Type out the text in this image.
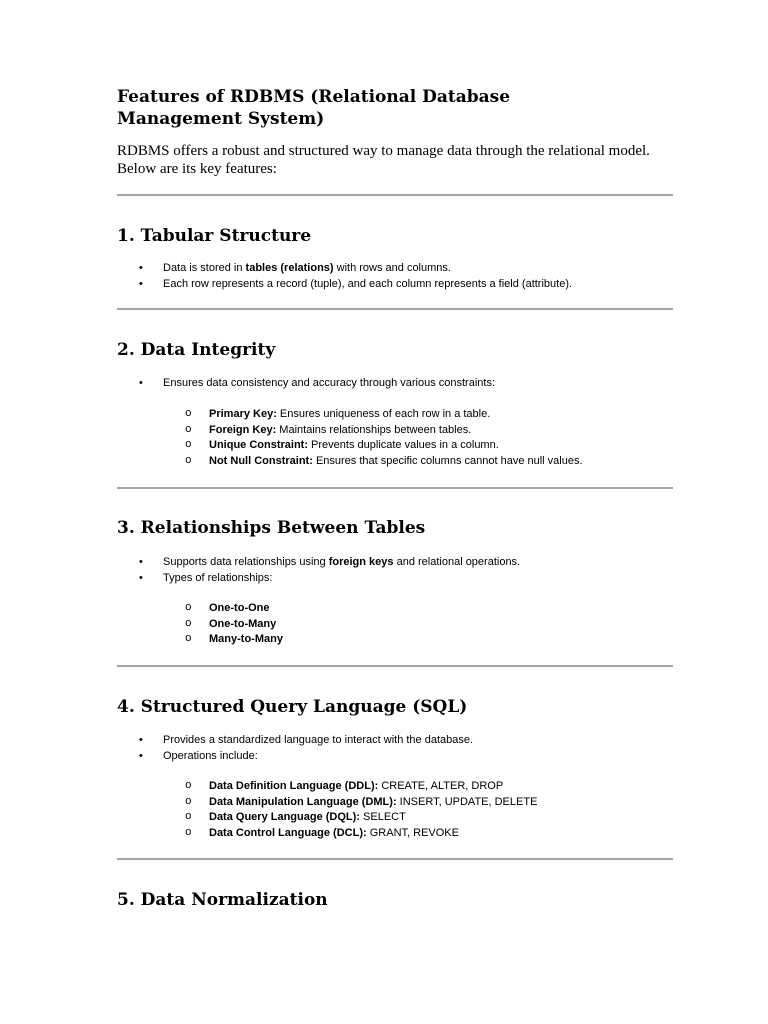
Features of RDBMS (Relational Database Management System)

RDBMS offers a robust and structured way to manage data through the relational model. Below are its key features:

1. Tabular Structure
• Data is stored in tables (relations) with rows and columns.
• Each row represents a record (tuple), and each column represents a field (attribute).
2. Data Integrity
• Ensures data consistency and accuracy through various constraints:
o Primary Key: Ensures uniqueness of each row in a table.
o Foreign Key: Maintains relationships between tables.
o Unique Constraint: Prevents duplicate values in a column.
o Not Null Constraint: Ensures that specific columns cannot have null values.
3. Relationships Between Tables
• Supports data relationships using foreign keys and relational operations.
• Types of relationships:
o One-to-One
o One-to-Many
o Many-to-Many
4. Structured Query Language (SQL)
• Provides a standardized language to interact with the database.
• Operations include:
o Data Definition Language (DDL): CREATE, ALTER, DROP
o Data Manipulation Language (DML): INSERT, UPDATE, DELETE
o Data Query Language (DQL): SELECT
o Data Control Language (DCL): GRANT, REVOKE
5. Data Normalization
